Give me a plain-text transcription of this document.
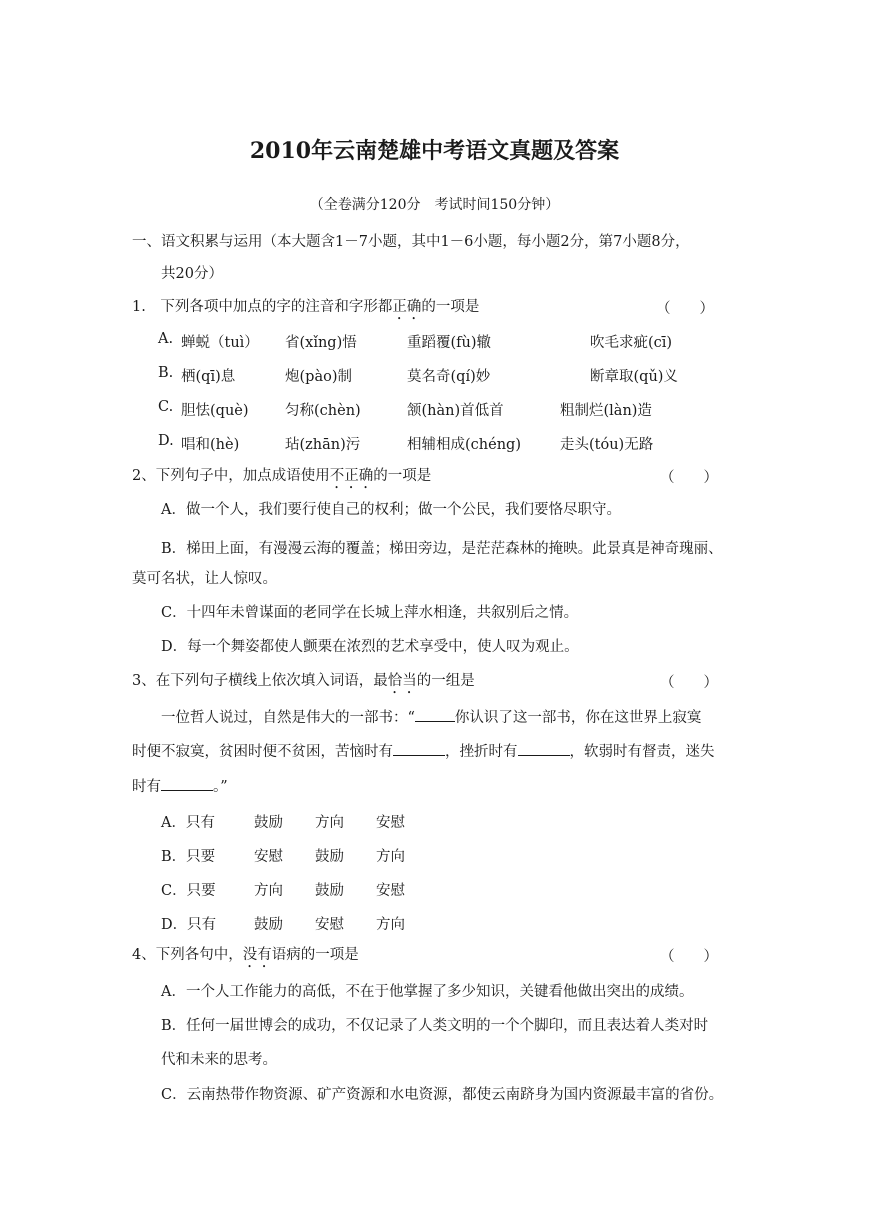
2010年云南楚雄中考语文真题及答案
（全卷满分120分　考试时间150分钟）
一、语文积累与运用（本大题含1－7小题，其中1－6小题，每小题2分，第7小题8分，
共20分）
1.　下列各项中加点的字的注音和字形都正确的一项是	（　　）
A. 蝉蜕（tuì） 省(xǐng)悟	重蹈覆(fù)辙	吹毛求疵(cī)
B. 栖(qī)息	炮(pào)制	莫名奇(qí)妙	断章取(qǔ)义
C. 胆怯(què)	匀称(chèn)	颔(hàn)首低首	粗制烂(làn)造
D. 唱和(hè)	玷(zhān)污	相辅相成(chéng)	走头(tóu)无路
2、下列句子中，加点成语使用不正确的一项是	（　　）
A．做一个人，我们要行使自己的权利；做一个公民，我们要恪尽职守。
B．梯田上面，有漫漫云海的覆盖；梯田旁边，是茫茫森林的掩映。此景真是神奇瑰丽、
莫可名状，让人惊叹。
C．十四年未曾谋面的老同学在长城上萍水相逢，共叙别后之情。
D．每一个舞姿都使人颤栗在浓烈的艺术享受中，使人叹为观止。
3、在下列句子横线上依次填入词语，最恰当的一组是	（　　）
一位哲人说过，自然是伟大的一部书：“	你认识了这一部书，你在这世界上寂寞
时便不寂寞，贫困时便不贫困，苦恼时有	，挫折时有	，软弱时有督责，迷失
时有	。”
A．只有	鼓励 方向 安慰
B．只要	安慰 鼓励 方向
C．只要	方向 鼓励 安慰
D．只有	鼓励 安慰 方向
4、下列各句中，没有语病的一项是	（　　）
A．一个人工作能力的高低，不在于他掌握了多少知识，关键看他做出突出的成绩。
B．任何一届世博会的成功，不仅记录了人类文明的一个个脚印，而且表达着人类对时
代和未来的思考。
C．云南热带作物资源、矿产资源和水电资源，都使云南跻身为国内资源最丰富的省份。
